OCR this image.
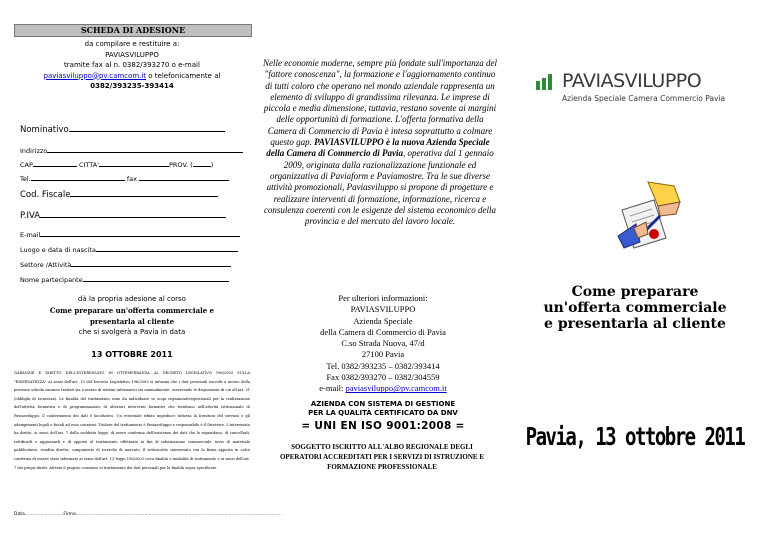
SCHEDA DI ADESIONE
da compilare e restituire a:
PAVIASVILUPPO
tramite fax al n. 0382/393270 o e-mail
paviasviluppo@pv.camcom.it o telefonicamente al
0382/393235-393414
Nominativo
Indirizzo
CAP	CITTA'	PROV. (	)
Tel.	fax
Cod. Fiscale
P.IVA
E-mail
Luogo e data di nascita
Settore /Attività
Nome partecipante
dà la propria adesione al corso
Come preparare un'offerta commerciale e
presentarla al cliente
che si svolgerà a Pavia in data
13 OTTOBRE 2011
GARANZIE E DIRITTO DELL'INTERESSATO IN OTTEMPERANZA AL DECRETO LEGISLATIVO 196/2003 SULLA "RISERVATEZZA" Ai sensi dell'art. 13 del Decreto Legislativo 196/2003 si informa che i dati personali raccolti a mezzo della presente scheda saranno trattati sia a mezzo di sistemi informatici sia manualmente, osservando le disposizioni di cui all'art. 31 (obblighi di sicurezza). Le finalità del trattamento sono da individuare in scopi organizzativi/gestionali per la realizzazione dell'attività formativa e di programmazione di ulteriori interventi formativi che rientrano nell'attività istituzionale di Paviasviluppo. Il conferimento dei dati è facoltativo. Un eventuale rifiuto impedisce tuttavia la fornitura del servizio e gli adempimenti legali e fiscali ad esso connessi. Titolare del trattamento è Paviasviluppo e responsabile è il Direttore. L'interessato ha diritto, ai sensi dell'art. 7 della suddetta legge, di avere conferma dell'esistenza dei dati che lo riguardano, di cancellarli, rettificarli o aggiornarli e di opporsi al trattamento effettuato ai fini di informazione commerciale, invio di materiale pubblicitario, vendita diretta, compimento di ricerche di mercato. Il sottoscritto interessato con la firma apposta in calce conferma di essere stato informato ai sensi dell'art. 13 legge 196/2003 circa finalità e modalità di trattamento e ai sensi dell'art. 7 dei propri diritti. Attesta il proprio consenso al trattamento dei dati personali per le finalità sopra specificate.
Data...........................Firma................................................................................................................................................
Nelle economie moderne, sempre più fondate sull'importanza del "fattore conoscenza", la formazione e l'aggiornamento continuo di tutti coloro che operano nel mondo aziendale rappresenta un elemento di sviluppo di grandissima rilevanza. Le imprese di piccola e media dimensione, tuttavia, restano sovente ai margini delle opportunità di formazione. L'offerta formativa della Camera di Commercio di Pavia è intesa soprattutto a colmare questo gap. PAVIASVILUPPO è la nuova Azienda Speciale della Camera di Commercio di Pavia, operativa dal 1 gennaio 2009, originata dalla razionalizzazione funzionale ed organizzativa di Paviaform e Paviamostre. Tra le sue diverse attività promozionali, Paviasviluppo si propone di progettare e realizzare interventi di formazione, informazione, ricerca e consulenza coerenti con le esigenze del sistema economico della provincia e del mercato del lavoro locale.
Per ulteriori informazioni:
PAVIASVILUPPO
Azienda Speciale
della Camera di Commercio di Pavia
C.so Strada Nuova, 47/d
27100 Pavia
Tel. 0382/393235 – 0382/393414
Fax 0382/393270 – 0382/304559
e-mail: paviasviluppo@pv.camcom.it
AZIENDA CON SISTEMA DI GESTIONE
PER LA QUALITÀ CERTIFICATO DA DNV
= UNI EN ISO 9001:2008 =
SOGGETTO ISCRITTO ALL'ALBO REGIONALE DEGLI OPERATORI ACCREDITATI PER I SERVIZI DI ISTRUZIONE E FORMAZIONE PROFESSIONALE
PAVIASVILUPPO
Azienda Speciale Camera Commercio Pavia
Come preparare
un'offerta commerciale
e presentarla al cliente
Pavia, 13 ottobre 2011
